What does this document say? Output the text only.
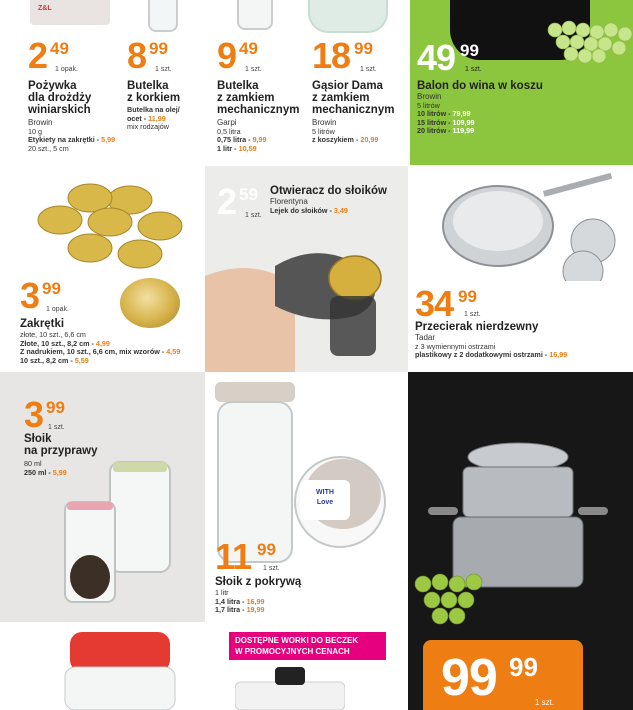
Z&L
2 49
1 opak.
Pożywka
dla drożdży
winiarskich
Browin
10 g
Etykiety na zakrętki - 5,99
20 szt., 5 cm
8 99
1 szt.
Butelka
z korkiem
Butelka na olej/
ocet - 11,99
mix rodzajów
9 49
1 szt.
Butelka
z zamkiem
mechanicznym
Garpi
0,5 litra
0,75 litra - 9,99
1 litr - 10,59
18 99
1 szt.
Gąsior Dama
z zamkiem
mechanicznym
Browin
5 litrów
z koszykiem - 20,99
49 99
1 szt.
Balon do wina w koszu
Browin
5 litrów
10 litrów - 79,99
15 litrów - 109,99
20 litrów - 119,99
3 99
1 opak.
Zakrętki
złote, 10 szt., 6,6 cm
Złote, 10 szt., 8,2 cm - 4,99
Z nadrukiem, 10 szt., 6,6 cm, mix wzorów - 4,59
10 szt., 8,2 cm - 5,59
2 59
1 szt.
Otwieracz do słoików
Florentyna
Lejek do słoików - 3,49
34 99
1 szt.
Przecierak nierdzewny
Tadar
z 3 wymiennymi ostrzami
plastikowy z 2 dodatkowymi ostrzami - 16,99
3 99
1 szt.
Słoik
na przyprawy
80 ml
250 ml - 5,99
WITH
Love
11 99
1 szt.
Słoik z pokrywą
1 litr
1,4 litra - 16,99
1,7 litra - 19,99
99 99
1 szt.
DOSTĘPNE WORKI DO BECZEK
W PROMOCYJNYCH CENACH
